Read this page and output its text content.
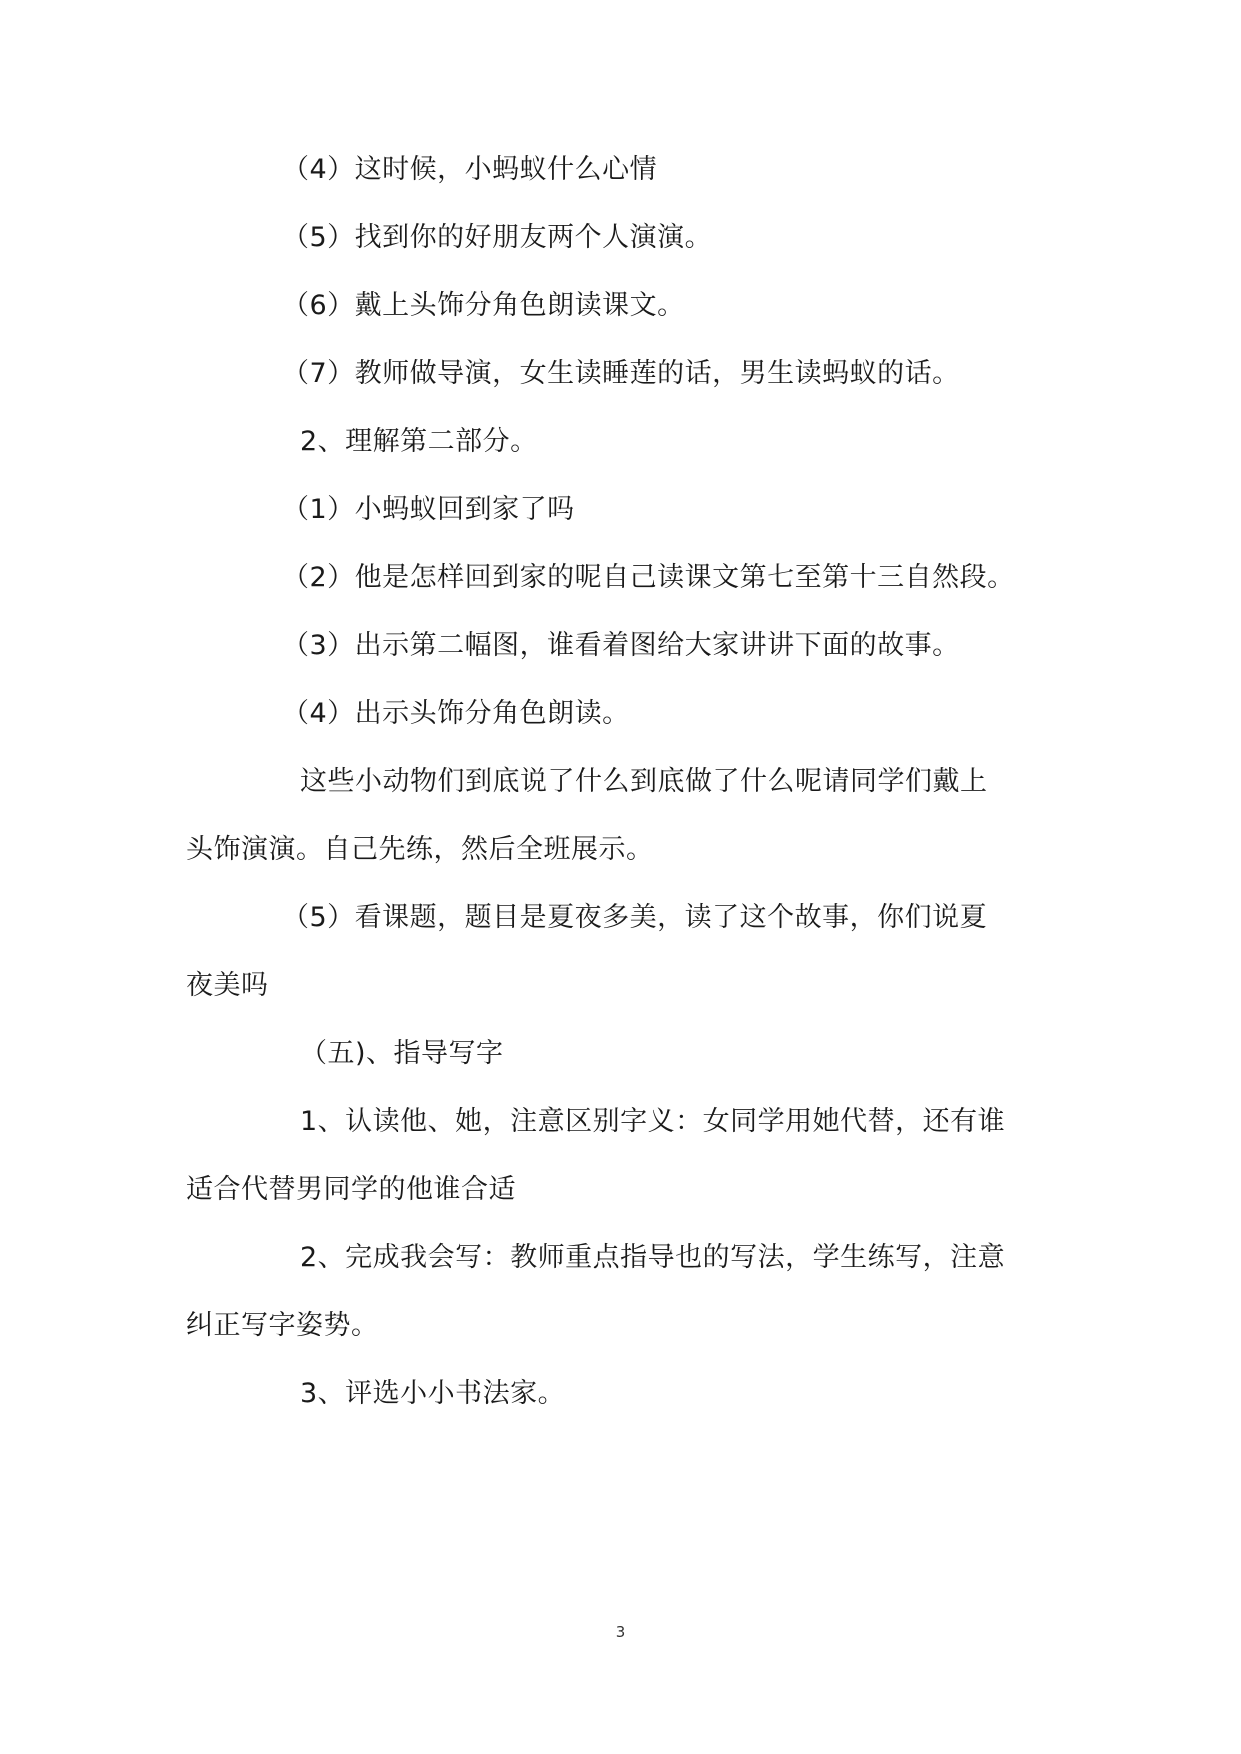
（4）这时候，小蚂蚁什么心情
（5）找到你的好朋友两个人演演。
（6）戴上头饰分角色朗读课文。
（7）教师做导演，女生读睡莲的话，男生读蚂蚁的话。
2、理解第二部分。
（1）小蚂蚁回到家了吗
（2）他是怎样回到家的呢自己读课文第七至第十三自然段。
（3）出示第二幅图，谁看着图给大家讲讲下面的故事。
（4）出示头饰分角色朗读。
这些小动物们到底说了什么到底做了什么呢请同学们戴上
头饰演演。自己先练，然后全班展示。
（5）看课题，题目是夏夜多美，读了这个故事，你们说夏
夜美吗
（五)、指导写字
1、认读他、她，注意区别字义：女同学用她代替，还有谁
适合代替男同学的他谁合适
2、完成我会写：教师重点指导也的写法，学生练写，注意
纠正写字姿势。
3、评选小小书法家。
3
